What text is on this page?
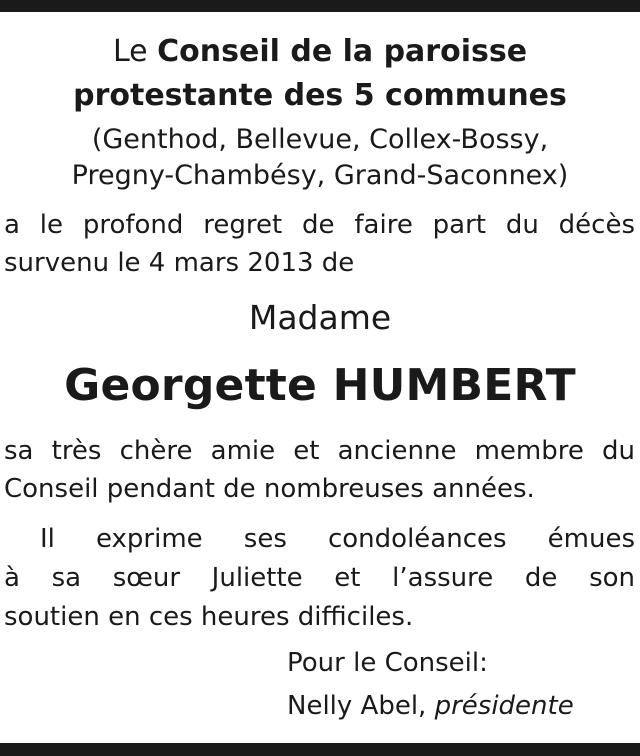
Le Conseil de la paroisse
protestante des 5 communes
(Genthod, Bellevue, Collex-Bossy,
Pregny-Chambésy, Grand-Saconnex)
a le profond regret de faire part du décès
survenu le 4 mars 2013 de
Madame
Georgette HUMBERT
sa très chère amie et ancienne membre du
Conseil pendant de nombreuses années.
Il exprime ses condoléances émues
à sa sœur Juliette et l’assure de son
soutien en ces heures difficiles.
Pour le Conseil:
Nelly Abel, présidente
